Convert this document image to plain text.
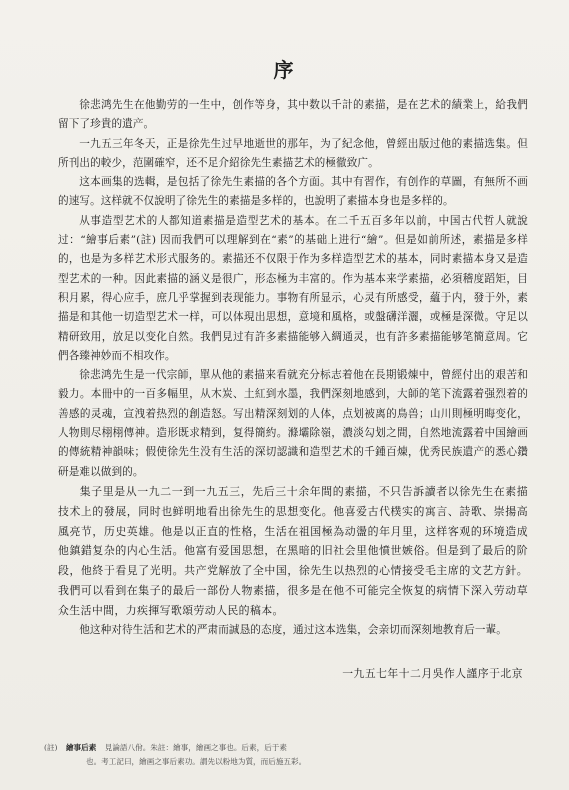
序

徐悲鸿先生在他勤劳的一生中，创作等身，其中数以千計的素描，是在艺术的績業上，給我們留下了珍貴的遺产。

一九五三年冬天，正是徐先生过早地逝世的那年，为了紀念他，曾經出版过他的素描选集。但所刊出的較少，范圍確窄，还不足介紹徐先生素描艺术的極徹致广。

这本画集的选輯，是包括了徐先生素描的各个方面。其中有習作，有创作的草圖，有無所不画的速写。这样就不仅說明了徐先生的素描是多样的，也說明了素描本身也是多样的。

从事造型艺术的人都知道素描是造型艺术的基本。在二千五百多年以前，中国古代哲人就說过：“繪事后素”(註) 因而我們可以理解到在“素”的基础上进行“繪”。但是如前所述，素描是多样的，也是为多样艺术形式服务的。素描还不仅限于作为多样造型艺术的基本，同时素描本身又是造型艺术的一种。因此素描的涵义是很广，形态極为丰富的。作为基本来学素描，必須稽度蹈矩，目积月累，得心应手，庶几乎掌握到表现能力。事物有所显示，心灵有所感受，蘊于内，發于外，素描是和其他一切造型艺术一样，可以体現出思想，意境和風格，或盤礴洋灑，或極是深微。守足以精研致用，放足以变化自然。我們見过有許多素描能够入綢通灵，也有許多素描能够笔簡意周。它們各臻神妙而不相攻作。

徐悲鸿先生是一代宗師，單从他的素描来看就充分标志着他在長期锻煉中，曾經付出的艰苦和毅力。本冊中的一百多幅里，从木炭、土紅到水墨，我們深刻地感到，大師的笔下流露着强烈着的善感的灵魂，宣洩着热烈的創造怒。写出精深刻划的人体，点划被离的鳥兽；山川則極明晦变化，人物則尽栩栩傳神。造形既求精到，复得簡約。滌壩除嶺，濃淡勾划之間，自然地流露着中国繪画的傳統精神韻味；假使徐先生没有生活的深切認識和造型艺术的千鍾百煉，优秀民族遺产的悉心鑽研是难以做到的。

集子里是从一九二一到一九五三，先后三十余年間的素描，不只告訴讀者以徐先生在素描技术上的發展，同时也鲜明地看出徐先生的思想变化。他喜爱古代樸实的寓言、詩歌、崇揚高風亮节，历史英雄。他是以正直的性格，生活在祖国極為动盪的年月里，这样客观的环境造成他鎮錯复杂的内心生活。他富有爱国思想，在黑暗的旧社会里他憤世嫉俗。但是到了最后的阶段，他終于看見了光明。共产党解放了全中国，徐先生以热烈的心情接受毛主席的文艺方針。我們可以看到在集子的最后一部份人物素描，很多是在他不可能完全恢复的病情下深入劳动草众生活中間，力疾揮写歌頌劳动人民的稿本。

他这种对待生活和艺术的严肃而誠恳的态度，通过这本选集，会亲切而深刻地教育后一輩。

一九五七年十二月吳作人謹序于北京
(註) 繪事后素 見論語八佾。朱註：繪事，繪画之事也。后素，后于素
也。考工記曰，繪画之事后素功。謂先以粉地为質，而后施五彩。
